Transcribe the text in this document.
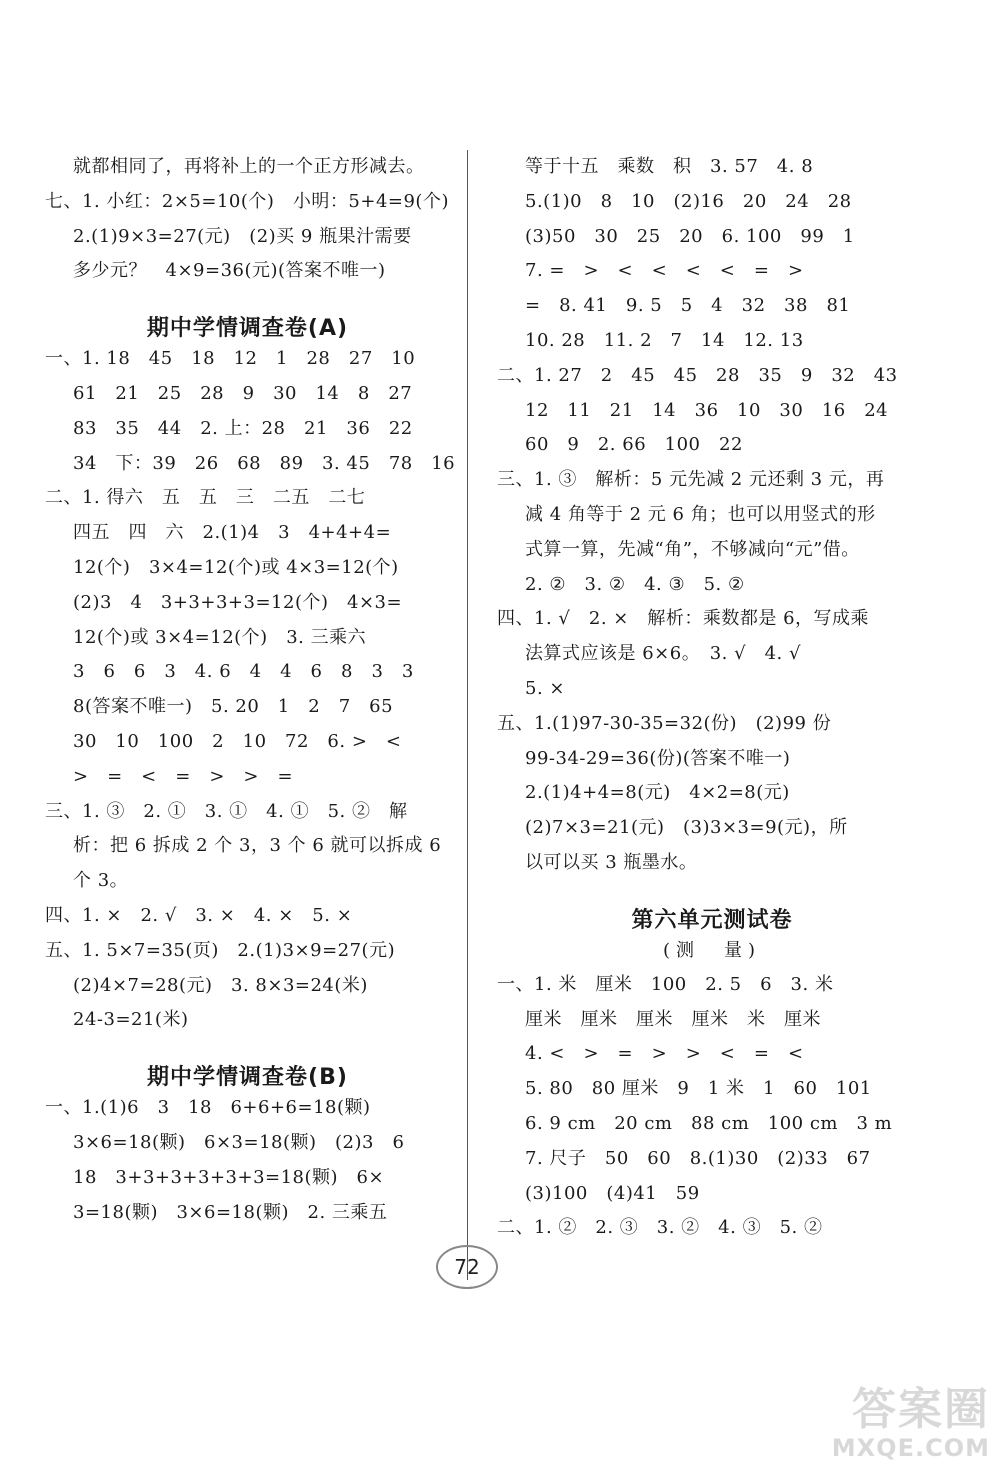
就都相同了，再将补上的一个正方形减去。
七、1. 小红：2×5=10(个)　小明：5+4=9(个)
2.(1)9×3=27(元)　(2)买 9 瓶果汁需要
多少元？　4×9=36(元)(答案不唯一)
期中学情调查卷(A)
一、1. 18　45　18　12　1　28　27　10
61　21　25　28　9　30　14　8　27
83　35　44　2. 上：28　21　36　22
34　下：39　26　68　89　3. 45　78　16
二、1. 得六　五　五　三　二五　二七
四五　四　六　2.(1)4　3　4+4+4=
12(个)　3×4=12(个)或 4×3=12(个)
(2)3　4　3+3+3+3=12(个)　4×3=
12(个)或 3×4=12(个)　3. 三乘六
3　6　6　3　4. 6　4　4　6　8　3　3
8(答案不唯一)　5. 20　1　2　7　65
30　10　100　2　10　72　6. >　<
>　=　<　=　>　>　=
三、1. ③　2. ①　3. ①　4. ①　5. ②　解
析：把 6 拆成 2 个 3，3 个 6 就可以拆成 6
个 3。
四、1. ×　2. √　3. ×　4. ×　5. ×
五、1. 5×7=35(页)　2.(1)3×9=27(元)
(2)4×7=28(元)　3. 8×3=24(米)
24-3=21(米)
期中学情调查卷(B)
一、1.(1)6　3　18　6+6+6=18(颗)
3×6=18(颗)　6×3=18(颗)　(2)3　6
18　3+3+3+3+3+3=18(颗)　6×
3=18(颗)　3×6=18(颗)　2. 三乘五
等于十五　乘数　积　3. 57　4. 8
5.(1)0　8　10　(2)16　20　24　28
(3)50　30　25　20　6. 100　99　1
7. =　>　<　<　<　<　=　>
=　8. 41　9. 5　5　4　32　38　81
10. 28　11. 2　7　14　12. 13
二、1. 27　2　45　45　28　35　9　32　43
12　11　21　14　36　10　30　16　24
60　9　2. 66　100　22
三、1. ③　解析：5 元先减 2 元还剩 3 元，再
减 4 角等于 2 元 6 角；也可以用竖式的形
式算一算，先减“角”，不够减向“元”借。
2. ②　3. ②　4. ③　5. ②
四、1. √　2. ×　解析：乘数都是 6，写成乘
法算式应该是 6×6。　3. √　4. √
5. ×
五、1.(1)97-30-35=32(份)　(2)99 份
99-34-29=36(份)(答案不唯一)
2.(1)4+4=8(元)　4×2=8(元)
(2)7×3=21(元)　(3)3×3=9(元)，所
以可以买 3 瓶墨水。
第六单元测试卷
(测　量)
一、1. 米　厘米　100　2. 5　6　3. 米
厘米　厘米　厘米　厘米　米　厘米
4. <　>　=　>　>　<　=　<
5. 80　80 厘米　9　1 米　1　60　101
6. 9 cm　20 cm　88 cm　100 cm　3 m
7. 尺子　50　60　8.(1)30　(2)33　67
(3)100　(4)41　59
二、1. ②　2. ③　3. ②　4. ③　5. ②
72
答案圈
MXQE.COM
